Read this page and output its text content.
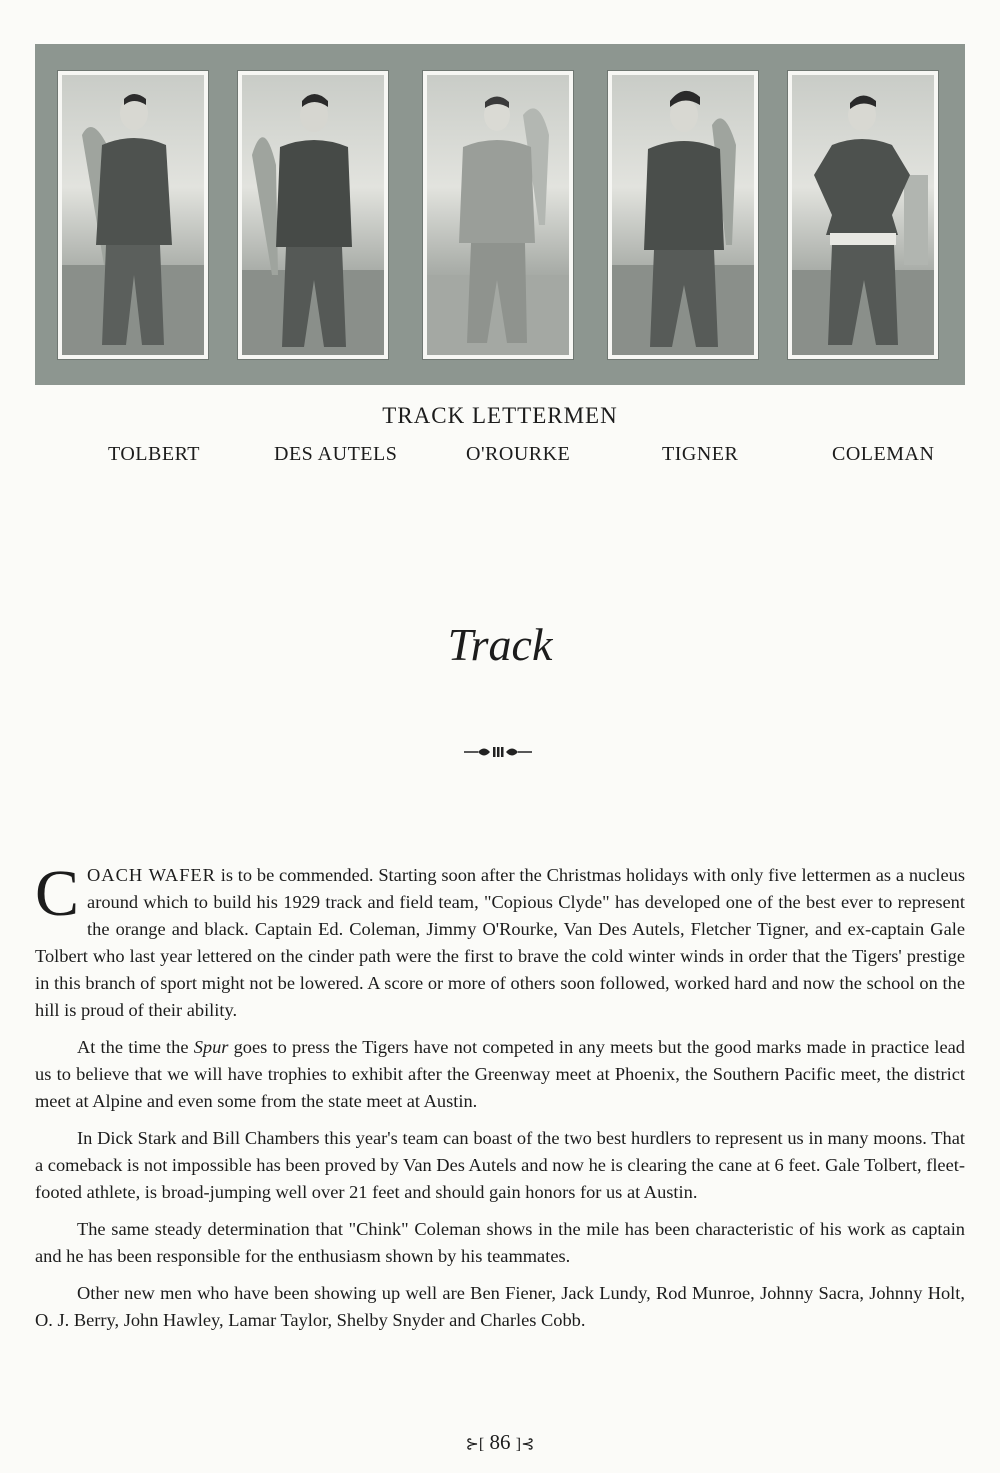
TRACK LETTERMEN
TOLBERT	DES AUTELS	O'ROURKE	TIGNER	COLEMAN
Track

COACH WAFER is to be commended. Starting soon after the Christmas holidays with only five lettermen as a nucleus around which to build his 1929 track and field team, "Copious Clyde" has developed one of the best ever to represent the orange and black. Captain Ed. Coleman, Jimmy O'Rourke, Van Des Autels, Fletcher Tigner, and ex-captain Gale Tolbert who last year lettered on the cinder path were the first to brave the cold winter winds in order that the Tigers' prestige in this branch of sport might not be lowered. A score or more of others soon followed, worked hard and now the school on the hill is proud of their ability.

At the time the Spur goes to press the Tigers have not competed in any meets but the good marks made in practice lead us to believe that we will have trophies to exhibit after the Greenway meet at Phoenix, the Southern Pacific meet, the district meet at Alpine and even some from the state meet at Austin.

In Dick Stark and Bill Chambers this year's team can boast of the two best hurdlers to represent us in many moons. That a comeback is not impossible has been proved by Van Des Autels and now he is clearing the cane at 6 feet. Gale Tolbert, fleet-footed athlete, is broad-jumping well over 21 feet and should gain honors for us at Austin.

The same steady determination that "Chink" Coleman shows in the mile has been characteristic of his work as captain and he has been responsible for the enthusiasm shown by his teammates.

Other new men who have been showing up well are Ben Fiener, Jack Lundy, Rod Munroe, Johnny Sacra, Johnny Holt, O. J. Berry, John Hawley, Lamar Taylor, Shelby Snyder and Charles Cobb.

⊱[ 86 ]⊰
